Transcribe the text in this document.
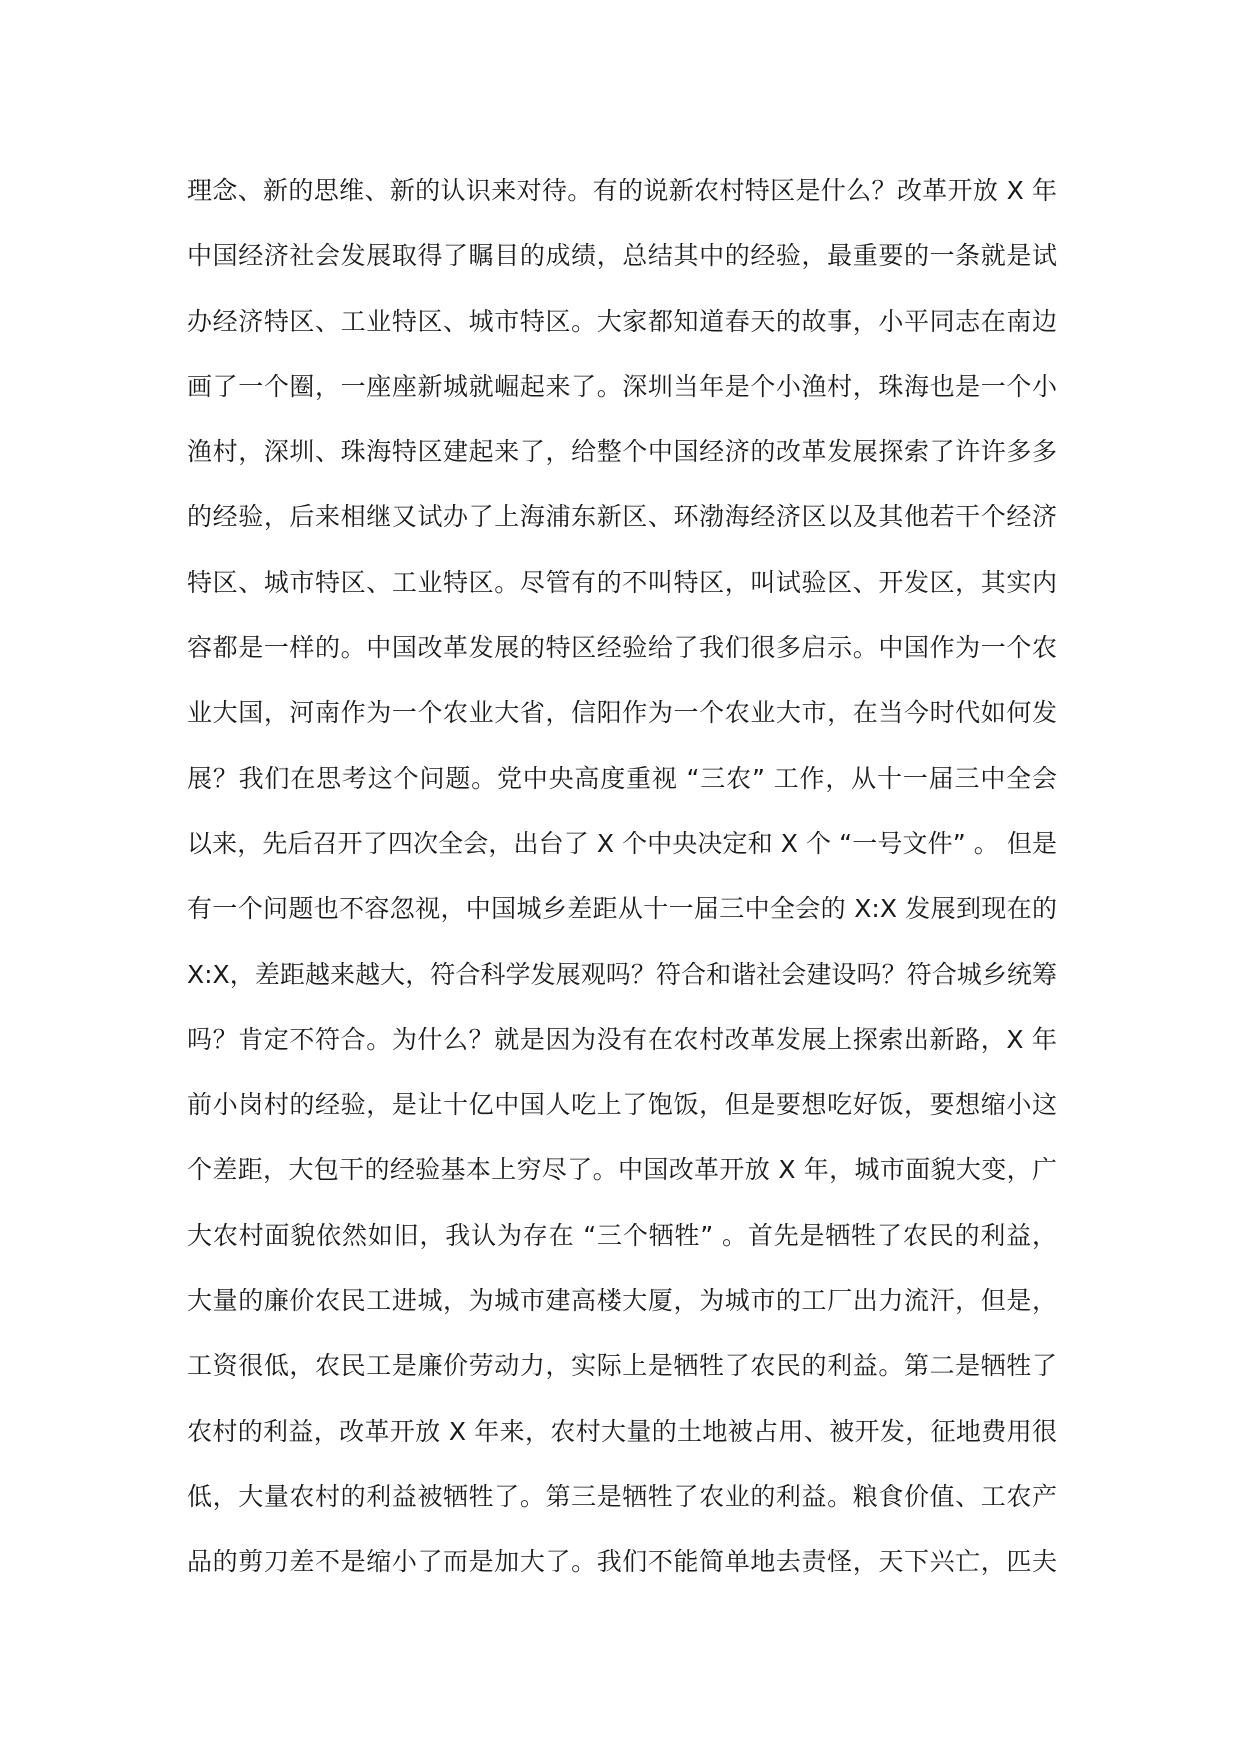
理念、新的思维、新的认识来对待。有的说新农村特区是什么？改革开放 X 年
中国经济社会发展取得了瞩目的成绩，总结其中的经验，最重要的一条就是试
办经济特区、工业特区、城市特区。大家都知道春天的故事，小平同志在南边
画了一个圈，一座座新城就崛起来了。深圳当年是个小渔村，珠海也是一个小
渔村，深圳、珠海特区建起来了，给整个中国经济的改革发展探索了许许多多
的经验，后来相继又试办了上海浦东新区、环渤海经济区以及其他若干个经济
特区、城市特区、工业特区。尽管有的不叫特区，叫试验区、开发区，其实内
容都是一样的。中国改革发展的特区经验给了我们很多启示。中国作为一个农
业大国，河南作为一个农业大省，信阳作为一个农业大市，在当今时代如何发
展？我们在思考这个问题。党中央高度重视 “三农” 工作，从十一届三中全会
以来，先后召开了四次全会，出台了 X 个中央决定和 X 个 “一号文件” 。 但是
有一个问题也不容忽视，中国城乡差距从十一届三中全会的 X:X 发展到现在的
X:X，差距越来越大，符合科学发展观吗？符合和谐社会建设吗？符合城乡统筹
吗？肯定不符合。为什么？就是因为没有在农村改革发展上探索出新路，X 年
前小岗村的经验，是让十亿中国人吃上了饱饭，但是要想吃好饭，要想缩小这
个差距，大包干的经验基本上穷尽了。中国改革开放 X 年，城市面貌大变，广
大农村面貌依然如旧，我认为存在 “三个牺牲” 。首先是牺牲了农民的利益，
大量的廉价农民工进城，为城市建高楼大厦，为城市的工厂出力流汗，但是，
工资很低，农民工是廉价劳动力，实际上是牺牲了农民的利益。第二是牺牲了
农村的利益，改革开放 X 年来，农村大量的土地被占用、被开发，征地费用很
低，大量农村的利益被牺牲了。第三是牺牲了农业的利益。粮食价值、工农产
品的剪刀差不是缩小了而是加大了。我们不能简单地去责怪，天下兴亡，匹夫
